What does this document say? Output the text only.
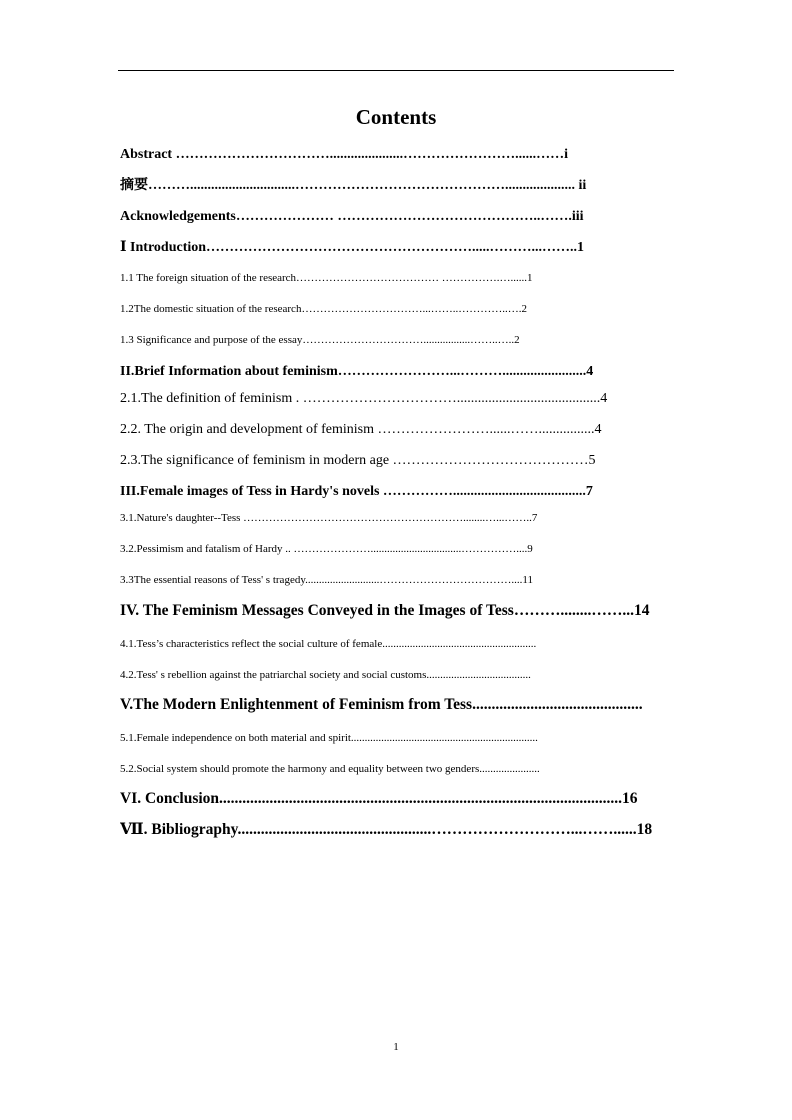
Contents
Abstract …………………………….....................……………………......……i
摘要………..............................……………………………………….................... ii
Acknowledgements………………… ……………………………………..…….iii
Ⅰ Introduction………………………………………………….....………...……..1
1.1 The foreign situation of the research………………………………… …………….…......1
1.2The domestic situation of the research……………………………...……..…………..….2
1.3 Significance and purpose of the essay…………………………….................……..…..2
II.Brief Information about feminism……………………...………........................4
2.1.The definition of feminism . …………………………….........................................4
2.2. The origin and development of feminism ……………………......……................4
2.3.The significance of feminism in modern age ……………………………………5
III.Female images of Tess in Hardy's novels ……………......................................7
3.1.Nature's daughter--Tess ……………………………………………………........…...……..7
3.2.Pessimism and fatalism of Hardy .. ………………….................................……………....9
3.3The essential reasons of Tess' s tragedy...........................………………………………....11
IV. The Feminism Messages Conveyed in the Images of Tess………........……...14
4.1.Tess’s characteristics reflect the social culture of female........................................................
4.2.Tess' s rebellion against the patriarchal society and social customs......................................
V.The Modern Enlightenment of Feminism from Tess............................................
5.1.Female independence on both material and spirit....................................................................
5.2.Social system should promote the harmony and equality between two genders......................
VI. Conclusion........................................................................................................16
Ⅶ. Bibliography..................................................………………………...……......18
1
